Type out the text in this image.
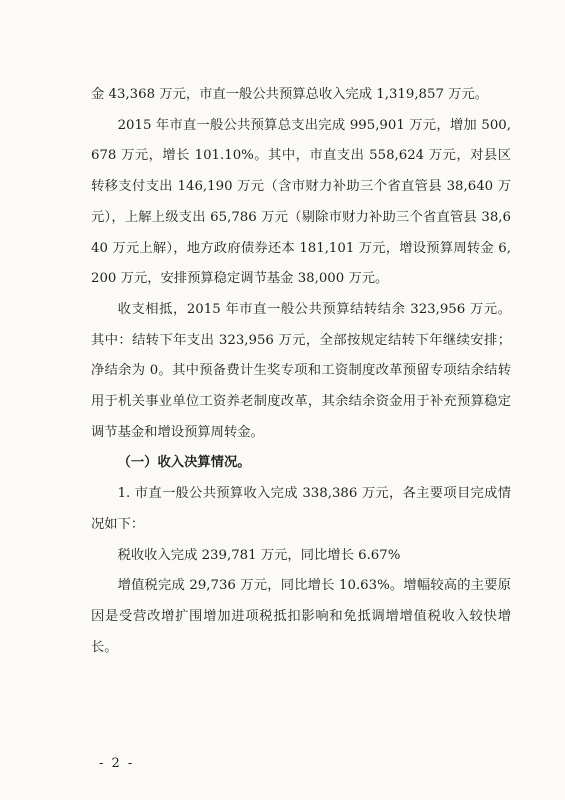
金 43,368 万元，市直一般公共预算总收入完成 1,319,857 万元。

2015 年市直一般公共预算总支出完成 995,901 万元，增加 500,678 万元，增长 101.10%。其中，市直支出 558,624 万元，对县区转移支付支出 146,190 万元（含市财力补助三个省直管县 38,640 万元），上解上级支出 65,786 万元（剔除市财力补助三个省直管县 38,640 万元上解），地方政府债券还本 181,101 万元，增设预算周转金 6,200 万元，安排预算稳定调节基金 38,000 万元。

收支相抵，2015 年市直一般公共预算结转结余 323,956 万元。其中：结转下年支出 323,956 万元，全部按规定结转下年继续安排；净结余为 0。其中预备费计生奖专项和工资制度改革预留专项结余结转用于机关事业单位工资养老制度改革，其余结余资金用于补充预算稳定调节基金和增设预算周转金。

（一）收入决算情况。

1. 市直一般公共预算收入完成 338,386 万元，各主要项目完成情况如下：

税收收入完成 239,781 万元，同比增长 6.67%

增值税完成 29,736 万元，同比增长 10.63%。增幅较高的主要原因是受营改增扩围增加进项税抵扣影响和免抵调增增值税收入较快增长。

- 2 -
